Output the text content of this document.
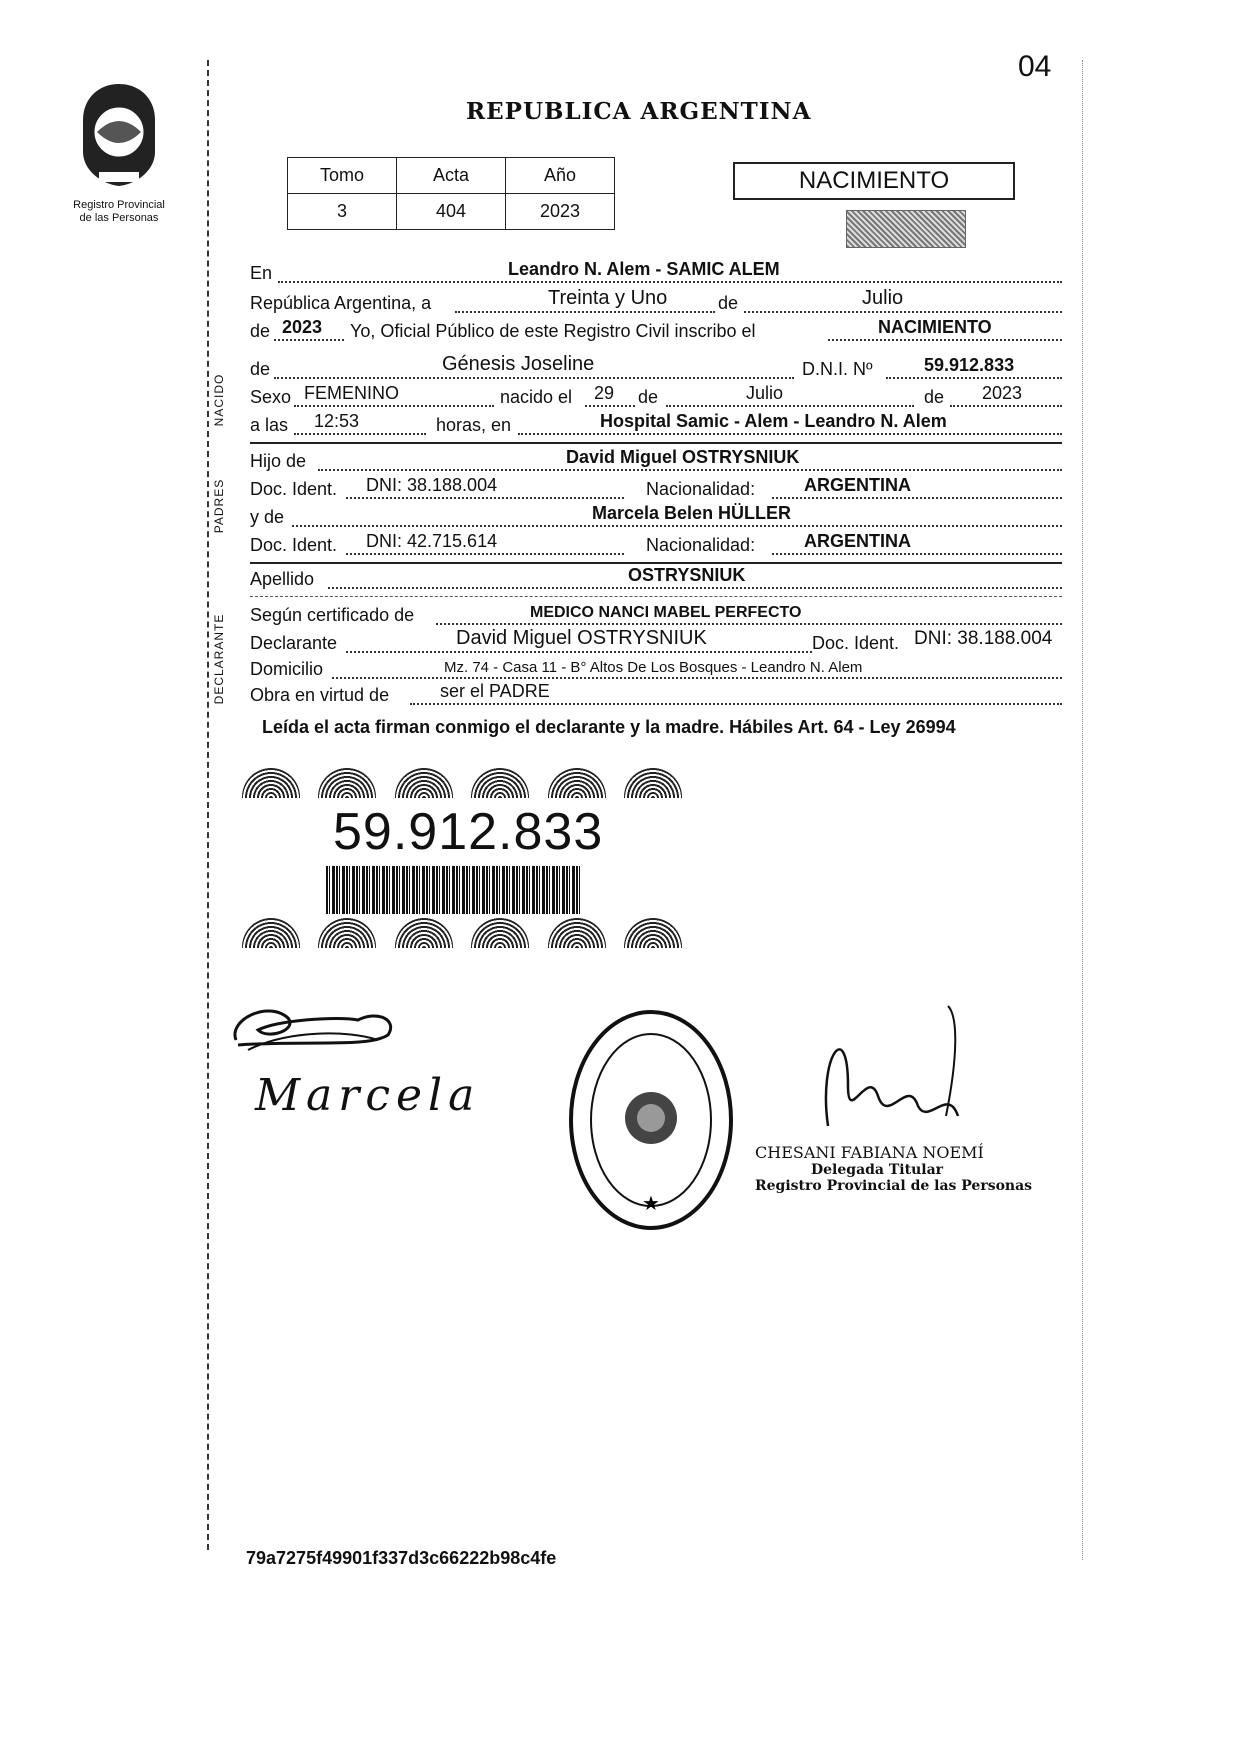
Registro Provincial
de las Personas
04
REPUBLICA ARGENTINA
Tomo	Acta	Año
3	404	2023
NACIMIENTO
En	Leandro N. Alem - SAMIC ALEM
República Argentina, a	Treinta y Uno	de	Julio
de 2023 Yo, Oficial Público de este Registro Civil inscribo el	NACIMIENTO
NACIDO
de	Génesis Joseline	D.N.I. Nº	59.912.833
Sexo FEMENINO	nacido el 29 de	Julio	de 2023
a las 12:53	horas, en	Hospital Samic - Alem - Leandro N. Alem
PADRES
Hijo de	David Miguel OSTRYSNIUK
Doc. Ident. DNI: 38.188.004	Nacionalidad:	ARGENTINA
y de	Marcela Belen HÜLLER
Doc. Ident. DNI: 42.715.614	Nacionalidad:	ARGENTINA
Apellido	OSTRYSNIUK
DECLARANTE Según certificado de	MEDICO NANCI MABEL PERFECTO
Declarante	David Miguel OSTRYSNIUK	Doc. Ident. DNI: 38.188.004
Domicilio	Mz. 74 - Casa 11 - B° Altos De Los Bosques - Leandro N. Alem
Obra en virtud de	ser el PADRE
Leída el acta firman conmigo el declarante y la madre. Hábiles Art. 64 - Ley 26994
59.912.833
Marcela
★
CHESANI FABIANA NOEMÍ
Delegada Titular
Registro Provincial de las Personas
79a7275f49901f337d3c66222b98c4fe
